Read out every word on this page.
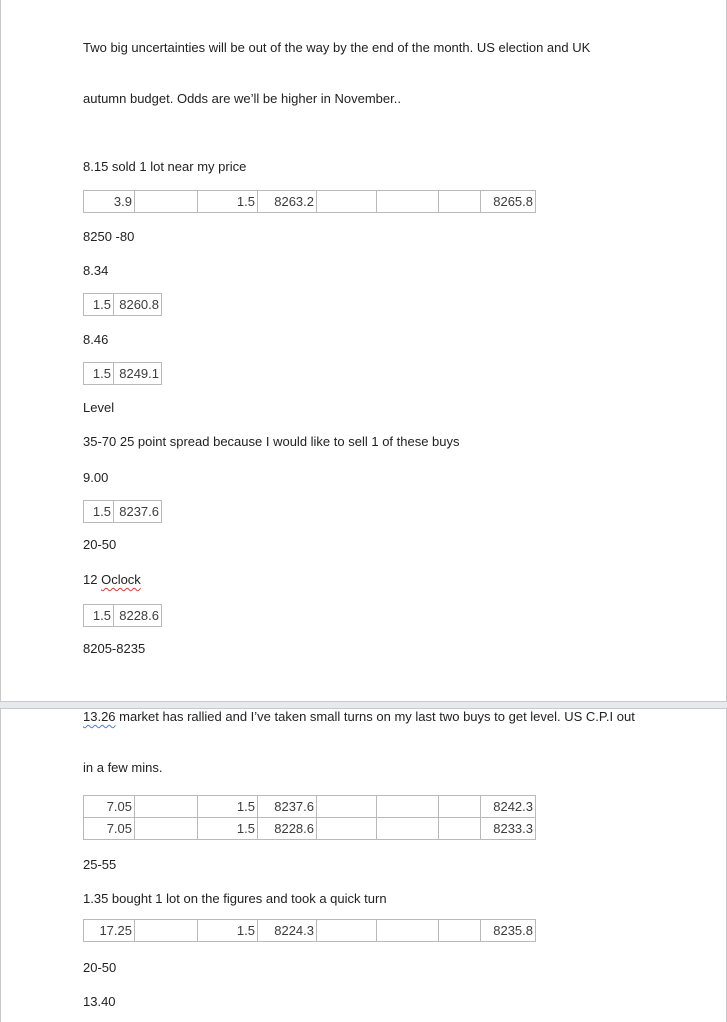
Two big uncertainties will be out of the way by the end of the month. US election and UK

autumn budget. Odds are we’ll be higher in November..

8.15 sold 1 lot near my price
3.9		1.5	8263.2				8265.8
8250 -80
8.34
1.5	8260.8
8.46
1.5	8249.1
Level
35-70 25 point spread because I would like to sell 1 of these buys
9.00
1.5	8237.6
20-50
12 Oclock
1.5	8228.6
8205-8235

13.26 market has rallied and I’ve taken small turns on my last two buys to get level. US C.P.I out

in a few mins.

7.05		1.5	8237.6				8242.3
7.05		1.5	8228.6				8233.3
25-55
1.35 bought 1 lot on the figures and took a quick turn
17.25		1.5	8224.3				8235.8
20-50
13.40
